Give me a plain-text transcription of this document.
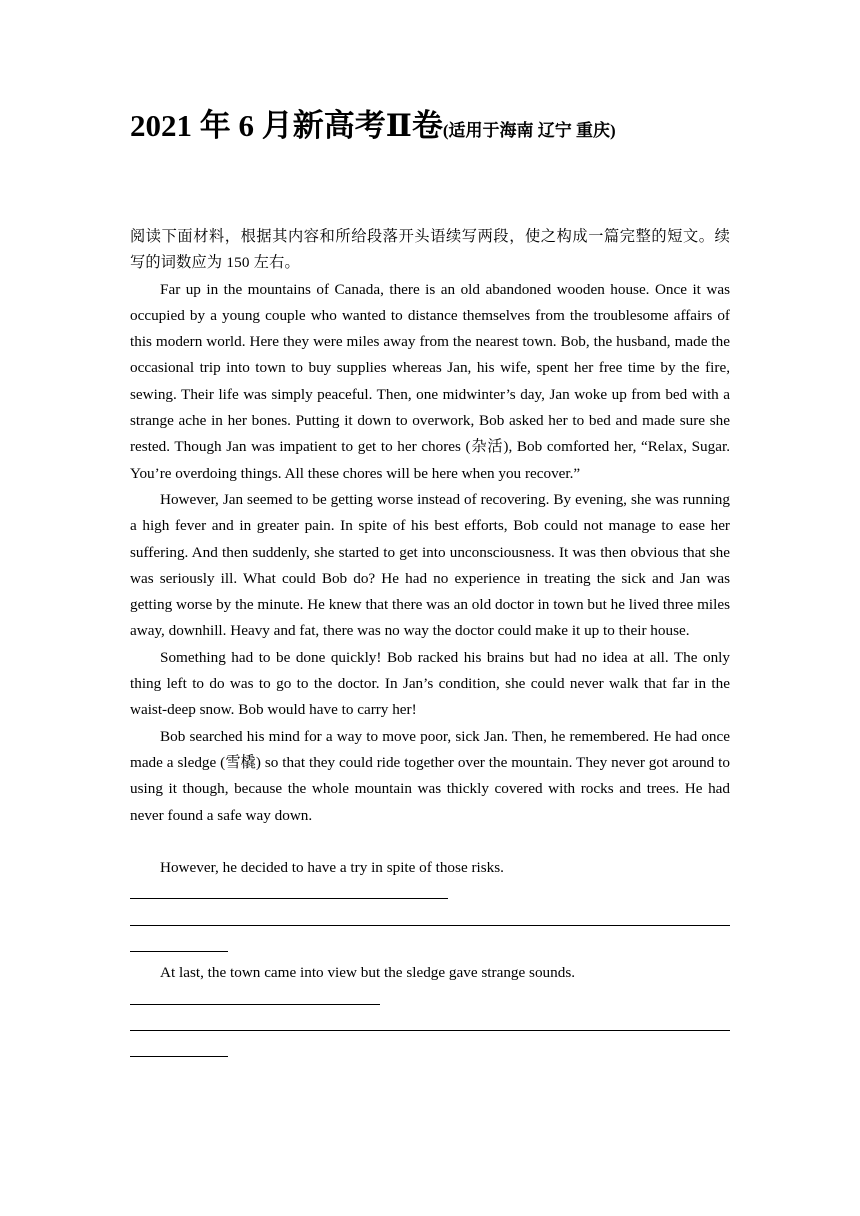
2021 年 6 月新高考Ⅱ卷(适用于海南 辽宁 重庆)

阅读下面材料，根据其内容和所给段落开头语续写两段，使之构成一篇完整的短文。续写的词数应为 150 左右。

Far up in the mountains of Canada, there is an old abandoned wooden house. Once it was occupied by a young couple who wanted to distance themselves from the troublesome affairs of this modern world. Here they were miles away from the nearest town. Bob, the husband, made the occasional trip into town to buy supplies whereas Jan, his wife, spent her free time by the fire, sewing. Their life was simply peaceful. Then, one midwinter’s day, Jan woke up from bed with a strange ache in her bones. Putting it down to overwork, Bob asked her to bed and made sure she rested. Though Jan was impatient to get to her chores (杂活), Bob comforted her, “Relax, Sugar. You’re overdoing things. All these chores will be here when you recover.”

However, Jan seemed to be getting worse instead of recovering. By evening, she was running a high fever and in greater pain. In spite of his best efforts, Bob could not manage to ease her suffering. And then suddenly, she started to get into unconsciousness. It was then obvious that she was seriously ill. What could Bob do? He had no experience in treating the sick and Jan was getting worse by the minute. He knew that there was an old doctor in town but he lived three miles away, downhill. Heavy and fat, there was no way the doctor could make it up to their house.

Something had to be done quickly! Bob racked his brains but had no idea at all. The only thing left to do was to go to the doctor. In Jan’s condition, she could never walk that far in the waist-deep snow. Bob would have to carry her!

Bob searched his mind for a way to move poor, sick Jan. Then, he remembered. He had once made a sledge (雪橇) so that they could ride together over the mountain. They never got around to using it though, because the whole mountain was thickly covered with rocks and trees. He had never found a safe way down.

However, he decided to have a try in spite of those risks.

At last, the town came into view but the sledge gave strange sounds.
